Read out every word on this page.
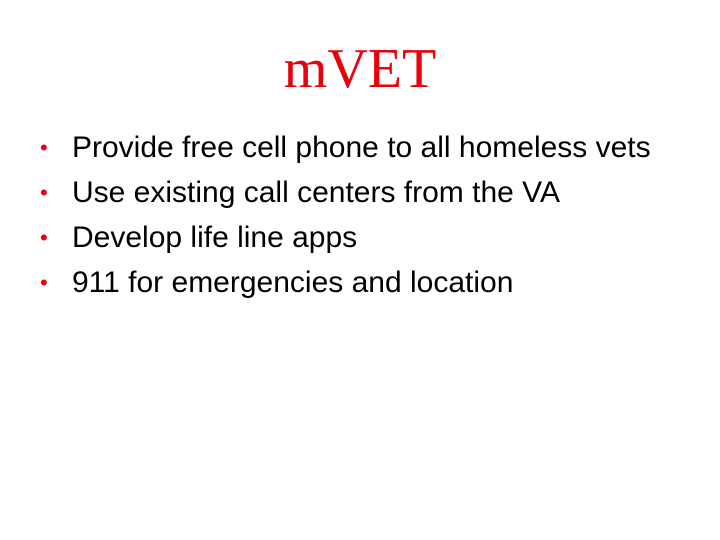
mVET
• Provide free cell phone to all homeless vets
• Use existing call centers from the VA
• Develop life line apps
• 911 for emergencies and location
